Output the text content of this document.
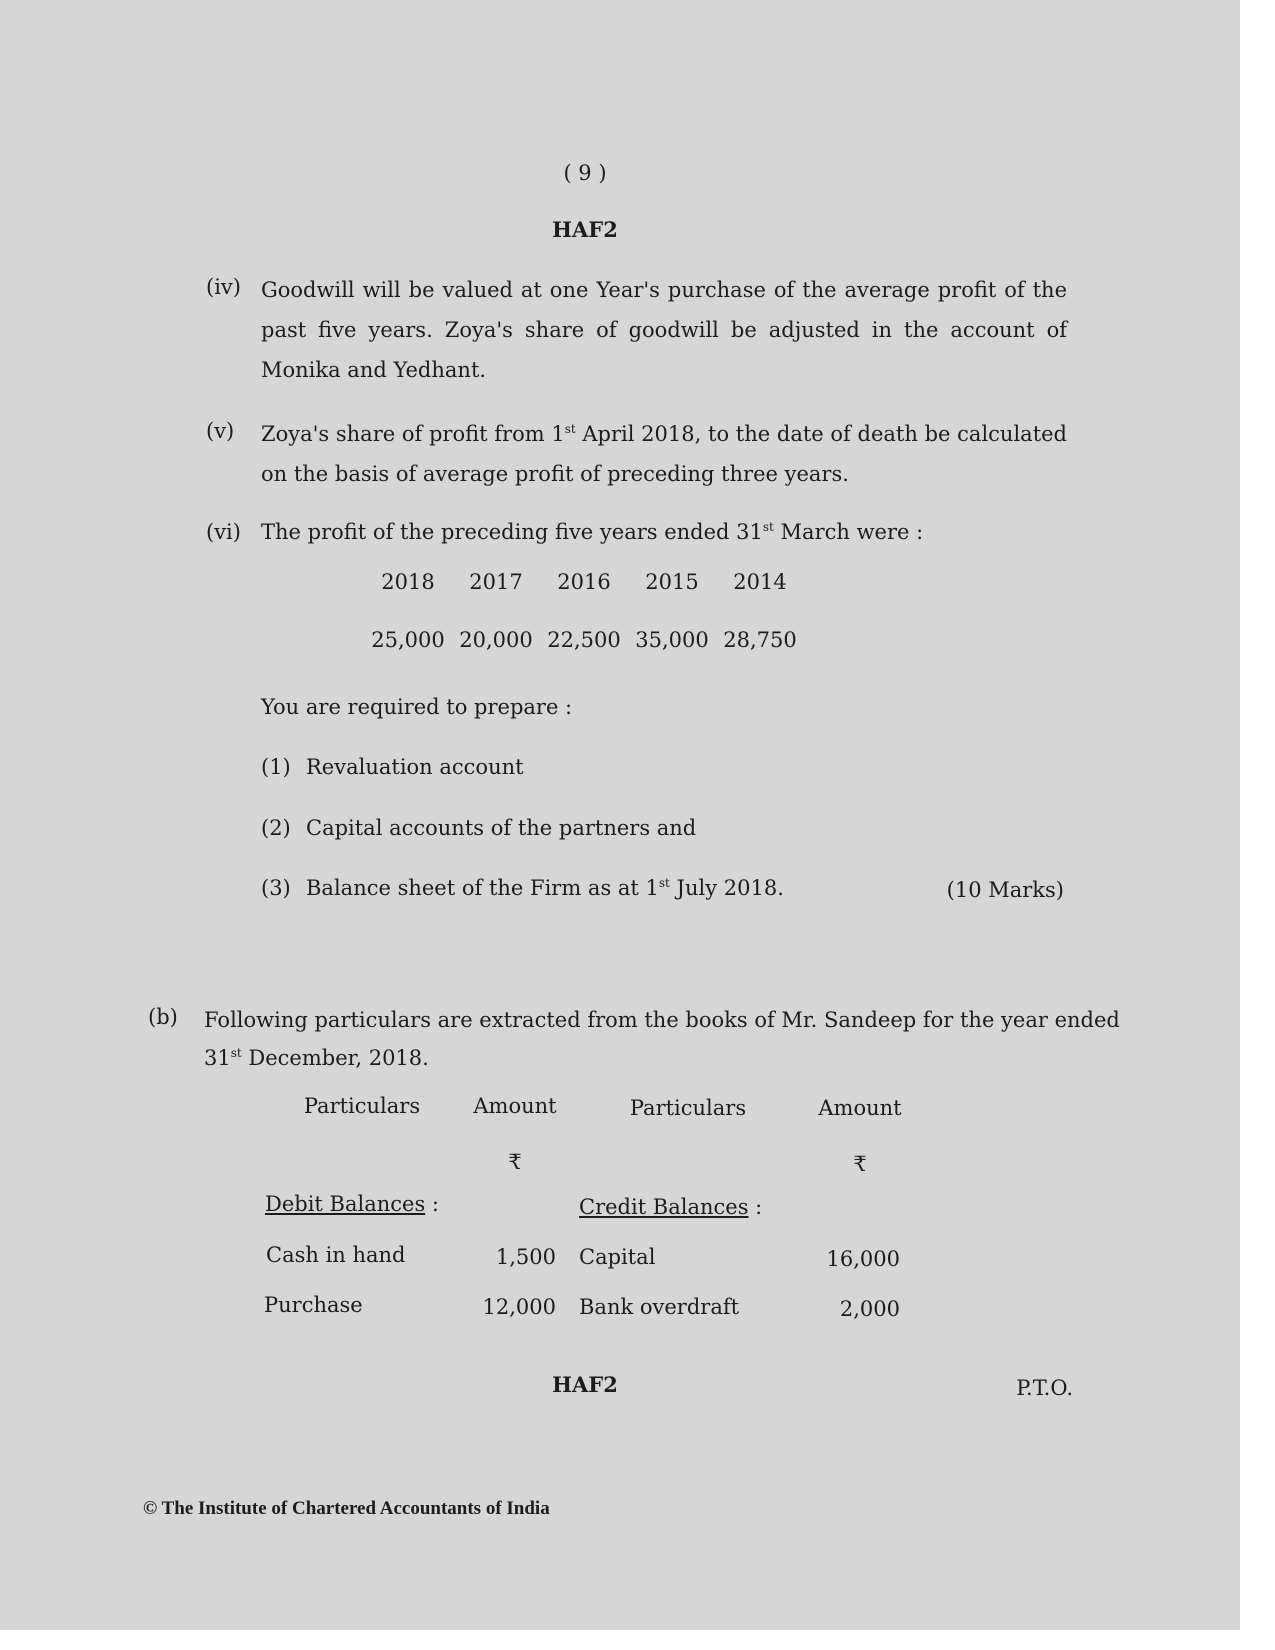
( 9 )
HAF2
(iv) Goodwill will be valued at one Year's purchase of the average profit of the past five years. Zoya's share of goodwill be adjusted in the account of Monika and Yedhant.
(v) Zoya's share of profit from 1st April 2018, to the date of death be calculated on the basis of average profit of preceding three years.
(vi) The profit of the preceding five years ended 31st March were :
2018	2017	2016	2015	2014
25,000 20,000 22,500 35,000 28,750
You are required to prepare :
(1) Revaluation account
(2) Capital accounts of the partners and
(3) Balance sheet of the Firm as at 1st July 2018.	(10 Marks)
(b) Following particulars are extracted from the books of Mr. Sandeep for the year ended
31st December, 2018.
Particulars	Amount	Particulars	Amount
₹	₹
Debit Balances :	Credit Balances :
Cash in hand	1,500 Capital	16,000
Purchase	12,000 Bank overdraft	2,000
HAF2	P.T.O.
© The Institute of Chartered Accountants of India
